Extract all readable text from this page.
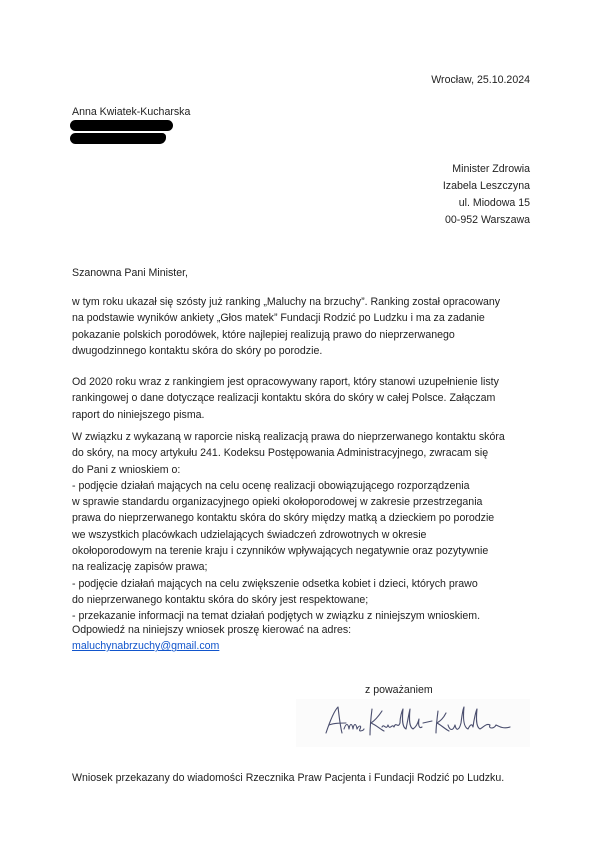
Wrocław, 25.10.2024
Anna Kwiatek-Kucharska
Minister Zdrowia
Izabela Leszczyna
ul. Miodowa 15
00-952 Warszawa
Szanowna Pani Minister,
w tym roku ukazał się szósty już ranking „Maluchy na brzuchy”. Ranking został opracowany
na podstawie wyników ankiety „Głos matek” Fundacji Rodzić po Ludzku i ma za zadanie
pokazanie polskich porodówek, które najlepiej realizują prawo do nieprzerwanego
dwugodzinnego kontaktu skóra do skóry po porodzie.
Od 2020 roku wraz z rankingiem jest opracowywany raport, który stanowi uzupełnienie listy
rankingowej o dane dotyczące realizacji kontaktu skóra do skóry w całej Polsce. Załączam
raport do niniejszego pisma.
W związku z wykazaną w raporcie niską realizacją prawa do nieprzerwanego kontaktu skóra
do skóry, na mocy artykułu 241. Kodeksu Postępowania Administracyjnego, zwracam się
do Pani z wnioskiem o:
- podjęcie działań mających na celu ocenę realizacji obowiązującego rozporządzenia
w sprawie standardu organizacyjnego opieki okołoporodowej w zakresie przestrzegania
prawa do nieprzerwanego kontaktu skóra do skóry między matką a dzieckiem po porodzie
we wszystkich placówkach udzielających świadczeń zdrowotnych w okresie
okołoporodowym na terenie kraju i czynników wpływających negatywnie oraz pozytywnie
na realizację zapisów prawa;
- podjęcie działań mających na celu zwiększenie odsetka kobiet i dzieci, których prawo
do nieprzerwanego kontaktu skóra do skóry jest respektowane;
- przekazanie informacji na temat działań podjętych w związku z niniejszym wnioskiem.
Odpowiedź na niniejszy wniosek proszę kierować na adres:
maluchynabrzuchy@gmail.com
z poważaniem
Wniosek przekazany do wiadomości Rzecznika Praw Pacjenta i Fundacji Rodzić po Ludzku.
